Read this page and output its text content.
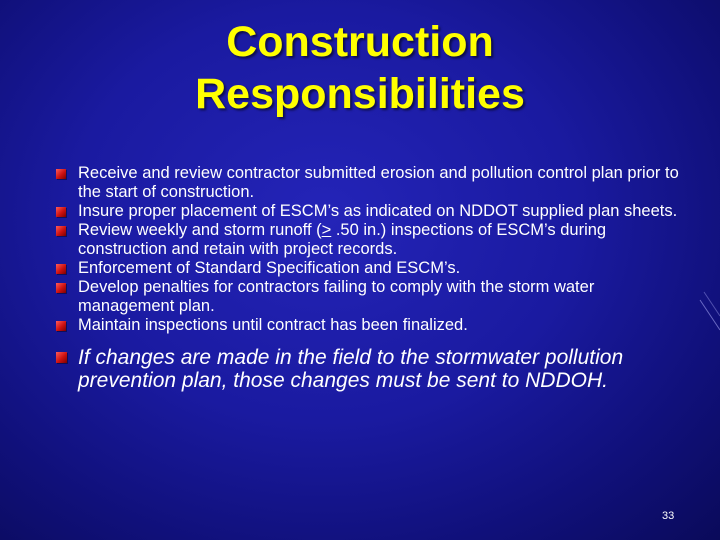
Construction
Responsibilities
Receive and review contractor submitted erosion and pollution control plan prior to the start of construction.
Insure proper placement of ESCM’s as indicated on NDDOT supplied plan sheets.
Review weekly and storm runoff (≥ .50 in.) inspections of ESCM’s during construction and retain with project records.
Enforcement of Standard Specification and ESCM’s.
Develop penalties for contractors failing to comply with the storm water management plan.
Maintain inspections until contract has been finalized.
If changes are made in the field to the stormwater pollution prevention plan, those changes must be sent to NDDOH.
33
